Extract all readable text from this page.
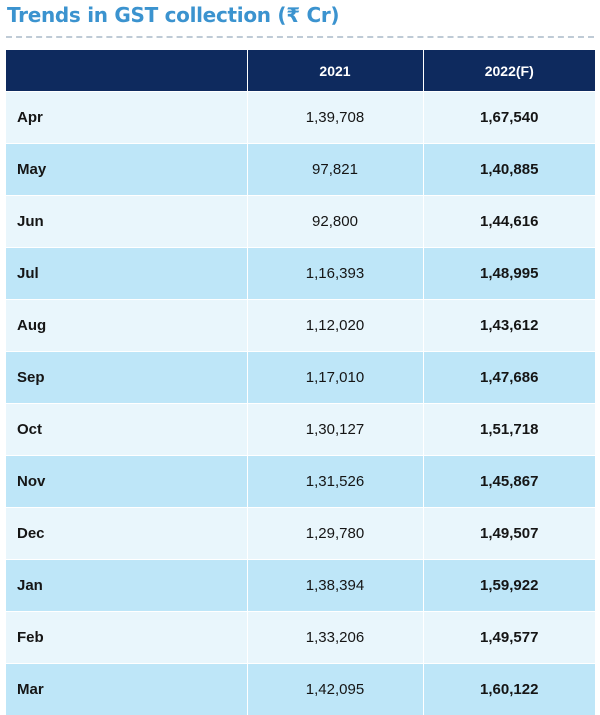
Trends in GST collection (₹ Cr)
	2021	2022(F)
Apr	1,39,708	1,67,540
May	97,821	1,40,885
Jun	92,800	1,44,616
Jul	1,16,393	1,48,995
Aug	1,12,020	1,43,612
Sep	1,17,010	1,47,686
Oct	1,30,127	1,51,718
Nov	1,31,526	1,45,867
Dec	1,29,780	1,49,507
Jan	1,38,394	1,59,922
Feb	1,33,206	1,49,577
Mar	1,42,095	1,60,122
